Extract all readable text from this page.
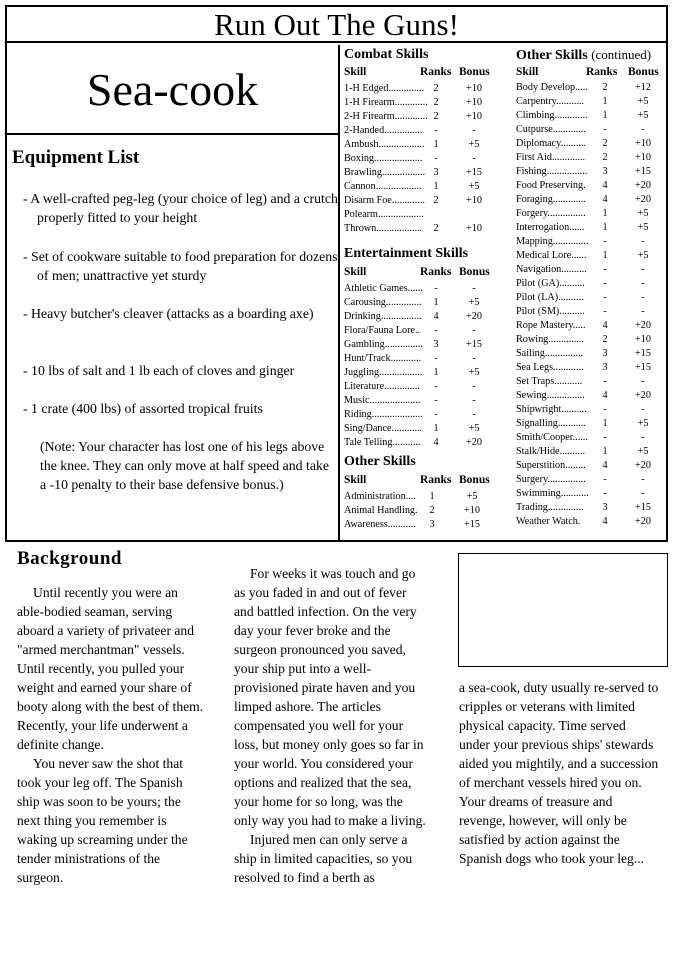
Run Out The Guns!
Sea-cook
Equipment List
- A well-crafted peg-leg (your choice of leg) and a crutch properly fitted to your height
- Set of cookware suitable to food preparation for dozens of men; unattractive yet sturdy
- Heavy butcher's cleaver (attacks as a boarding axe)
- 10 lbs of salt and 1 lb each of cloves and ginger
- 1 crate (400 lbs) of assorted tropical fruits
(Note: Your character has lost one of his legs above the knee. They can only move at half speed and take a -10 penalty to their base defensive bonus.)
Combat Skills
Skill	Ranks Bonus
1-H Edged.............. 2	+10
1-H Firearm............. 2	+10
2-H Firearm............. 2	+10
2-Handed...............	-	-
Ambush.................. 1	+5
Boxing...................	-	-
Brawling................. 3	+15
Cannon..................	1	+5
Disarm Foe............. 2	+10
Polearm..................
Thrown..................	2	+10
Entertainment Skills
Skill	Ranks Bonus
Athletic Games......	-	-
Carousing..............	1	+5
Drinking................	4	+20
Flora/Fauna Lore..	-	-
Gambling...............	3	+15
Hunt/Track............	-	-
Juggling.................	1	+5
Literature..............	-	-
Music....................	-	-
Riding....................	-	-
Sing/Dance............	1	+5
Tale Telling...........	4	+20
Other Skills
Skill	Ranks Bonus
Administration....	1	+5
Animal Handling.	2	+10
Awareness...........	3	+15
Other Skills (continued)
Skill	Ranks Bonus
Body Develop.....	2	+12
Carpentry...........	1	+5
Climbing.............	1	+5
Cutpurse.............	-	-
Diplomacy..........	2	+10
First Aid.............	2	+10
Fishing................	3	+15
Food Preserving.	4	+20
Foraging.............	4	+20
Forgery...............	1	+5
Interrogation......	1	+5
Mapping..............	-	-
Medical Lore......	1	+5
Navigation..........	-	-
Pilot (GA)..........	-	-
Pilot (LA)..........	-	-
Pilot (SM)..........	-	-
Rope Mastery.....	4	+20
Rowing..............	2	+10
Sailing...............	3	+15
Sea Legs............	3	+15
Set Traps...........	-	-
Sewing...............	4	+20
Shipwright..........	-	-
Signalling...........	1	+5
Smith/Cooper......	-	-
Stalk/Hide..........	1	+5
Superstition........	4	+20
Surgery...............	-	-
Swimming...........	-	-
Trading..............	3	+15
Weather Watch.	4	+20
Background

Until recently you were an able-bodied seaman, serving aboard a variety of privateer and "armed merchantman" vessels. Until recently, you pulled your weight and earned your share of booty along with the best of them. Recently, your life underwent a definite change.

You never saw the shot that took your leg off. The Spanish ship was soon to be yours; the next thing you remember is waking up screaming under the tender ministrations of the surgeon.

For weeks it was touch and go as you faded in and out of fever and battled infection. On the very day your fever broke and the surgeon pronounced you saved, your ship put into a well-provisioned pirate haven and you limped ashore. The articles compensated you well for your loss, but money only goes so far in your world. You considered your options and realized that the sea, your home for so long, was the only way you had to make a living.

Injured men can only serve a ship in limited capacities, so you resolved to find a berth as

a sea-cook, duty usually re-served to cripples or veterans with limited physical capacity. Time served under your previous ships' stewards aided you mightily, and a succession of merchant vessels hired you on. Your dreams of treasure and revenge, however, will only be satisfied by action against the Spanish dogs who took your leg...
